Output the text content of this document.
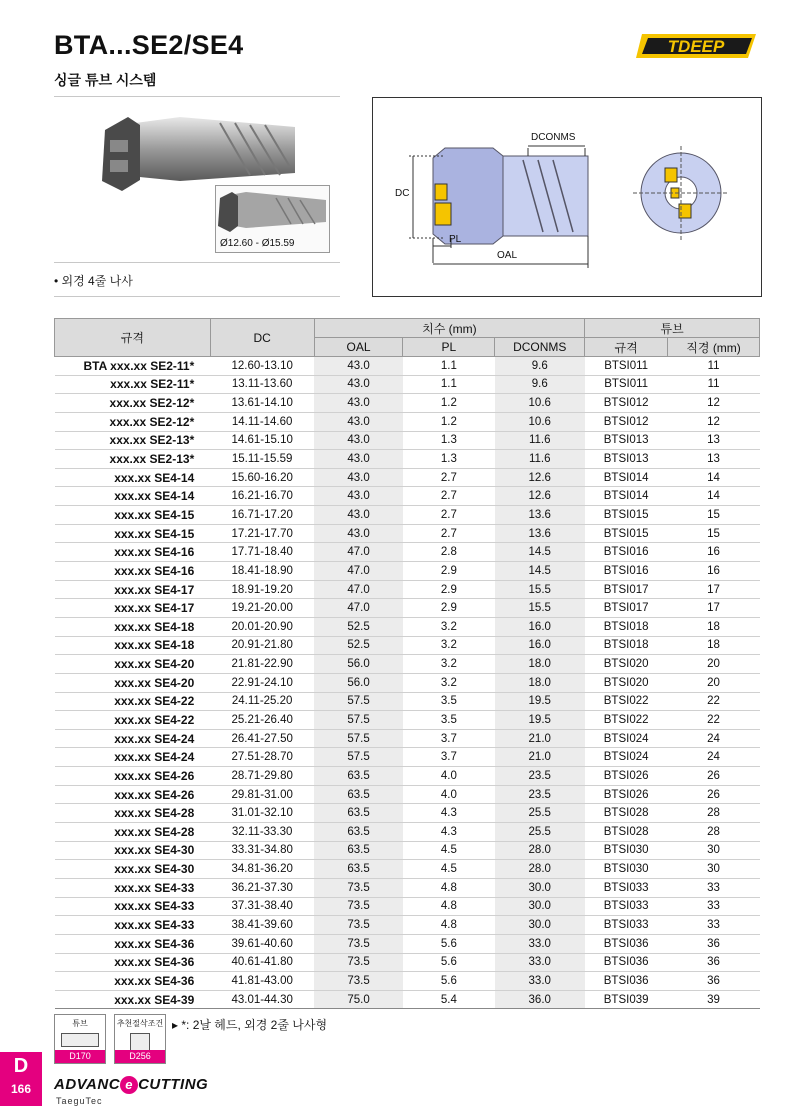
BTA...SE2/SE4
싱글 튜브 시스템
TDEEP
Ø12.60 - Ø15.59
• 외경 4줄 나사
DCONMS
DC
PL
OAL
규격	DC	치수 (mm)			튜브	
		OAL	PL	DCONMS	규격	직경 (mm)
BTA xxx.xx SE2-11*	12.60-13.10	43.0	1.1	9.6	BTSI011	11
xxx.xx SE2-11*	13.11-13.60	43.0	1.1	9.6	BTSI011	11
xxx.xx SE2-12*	13.61-14.10	43.0	1.2	10.6	BTSI012	12
xxx.xx SE2-12*	14.11-14.60	43.0	1.2	10.6	BTSI012	12
xxx.xx SE2-13*	14.61-15.10	43.0	1.3	11.6	BTSI013	13
xxx.xx SE2-13*	15.11-15.59	43.0	1.3	11.6	BTSI013	13
xxx.xx SE4-14	15.60-16.20	43.0	2.7	12.6	BTSI014	14
xxx.xx SE4-14	16.21-16.70	43.0	2.7	12.6	BTSI014	14
xxx.xx SE4-15	16.71-17.20	43.0	2.7	13.6	BTSI015	15
xxx.xx SE4-15	17.21-17.70	43.0	2.7	13.6	BTSI015	15
xxx.xx SE4-16	17.71-18.40	47.0	2.8	14.5	BTSI016	16
xxx.xx SE4-16	18.41-18.90	47.0	2.9	14.5	BTSI016	16
xxx.xx SE4-17	18.91-19.20	47.0	2.9	15.5	BTSI017	17
xxx.xx SE4-17	19.21-20.00	47.0	2.9	15.5	BTSI017	17
xxx.xx SE4-18	20.01-20.90	52.5	3.2	16.0	BTSI018	18
xxx.xx SE4-18	20.91-21.80	52.5	3.2	16.0	BTSI018	18
xxx.xx SE4-20	21.81-22.90	56.0	3.2	18.0	BTSI020	20
xxx.xx SE4-20	22.91-24.10	56.0	3.2	18.0	BTSI020	20
xxx.xx SE4-22	24.11-25.20	57.5	3.5	19.5	BTSI022	22
xxx.xx SE4-22	25.21-26.40	57.5	3.5	19.5	BTSI022	22
xxx.xx SE4-24	26.41-27.50	57.5	3.7	21.0	BTSI024	24
xxx.xx SE4-24	27.51-28.70	57.5	3.7	21.0	BTSI024	24
xxx.xx SE4-26	28.71-29.80	63.5	4.0	23.5	BTSI026	26
xxx.xx SE4-26	29.81-31.00	63.5	4.0	23.5	BTSI026	26
xxx.xx SE4-28	31.01-32.10	63.5	4.3	25.5	BTSI028	28
xxx.xx SE4-28	32.11-33.30	63.5	4.3	25.5	BTSI028	28
xxx.xx SE4-30	33.31-34.80	63.5	4.5	28.0	BTSI030	30
xxx.xx SE4-30	34.81-36.20	63.5	4.5	28.0	BTSI030	30
xxx.xx SE4-33	36.21-37.30	73.5	4.8	30.0	BTSI033	33
xxx.xx SE4-33	37.31-38.40	73.5	4.8	30.0	BTSI033	33
xxx.xx SE4-33	38.41-39.60	73.5	4.8	30.0	BTSI033	33
xxx.xx SE4-36	39.61-40.60	73.5	5.6	33.0	BTSI036	36
xxx.xx SE4-36	40.61-41.80	73.5	5.6	33.0	BTSI036	36
xxx.xx SE4-36	41.81-43.00	73.5	5.6	33.0	BTSI036	36
xxx.xx SE4-39	43.01-44.30	75.0	5.4	36.0	BTSI039	39
튜브
D170
추천절삭조건
D256
▸ *: 2날 헤드, 외경 2줄 나사형
D
166	ADVANC e CUTTING
TaeguTec
